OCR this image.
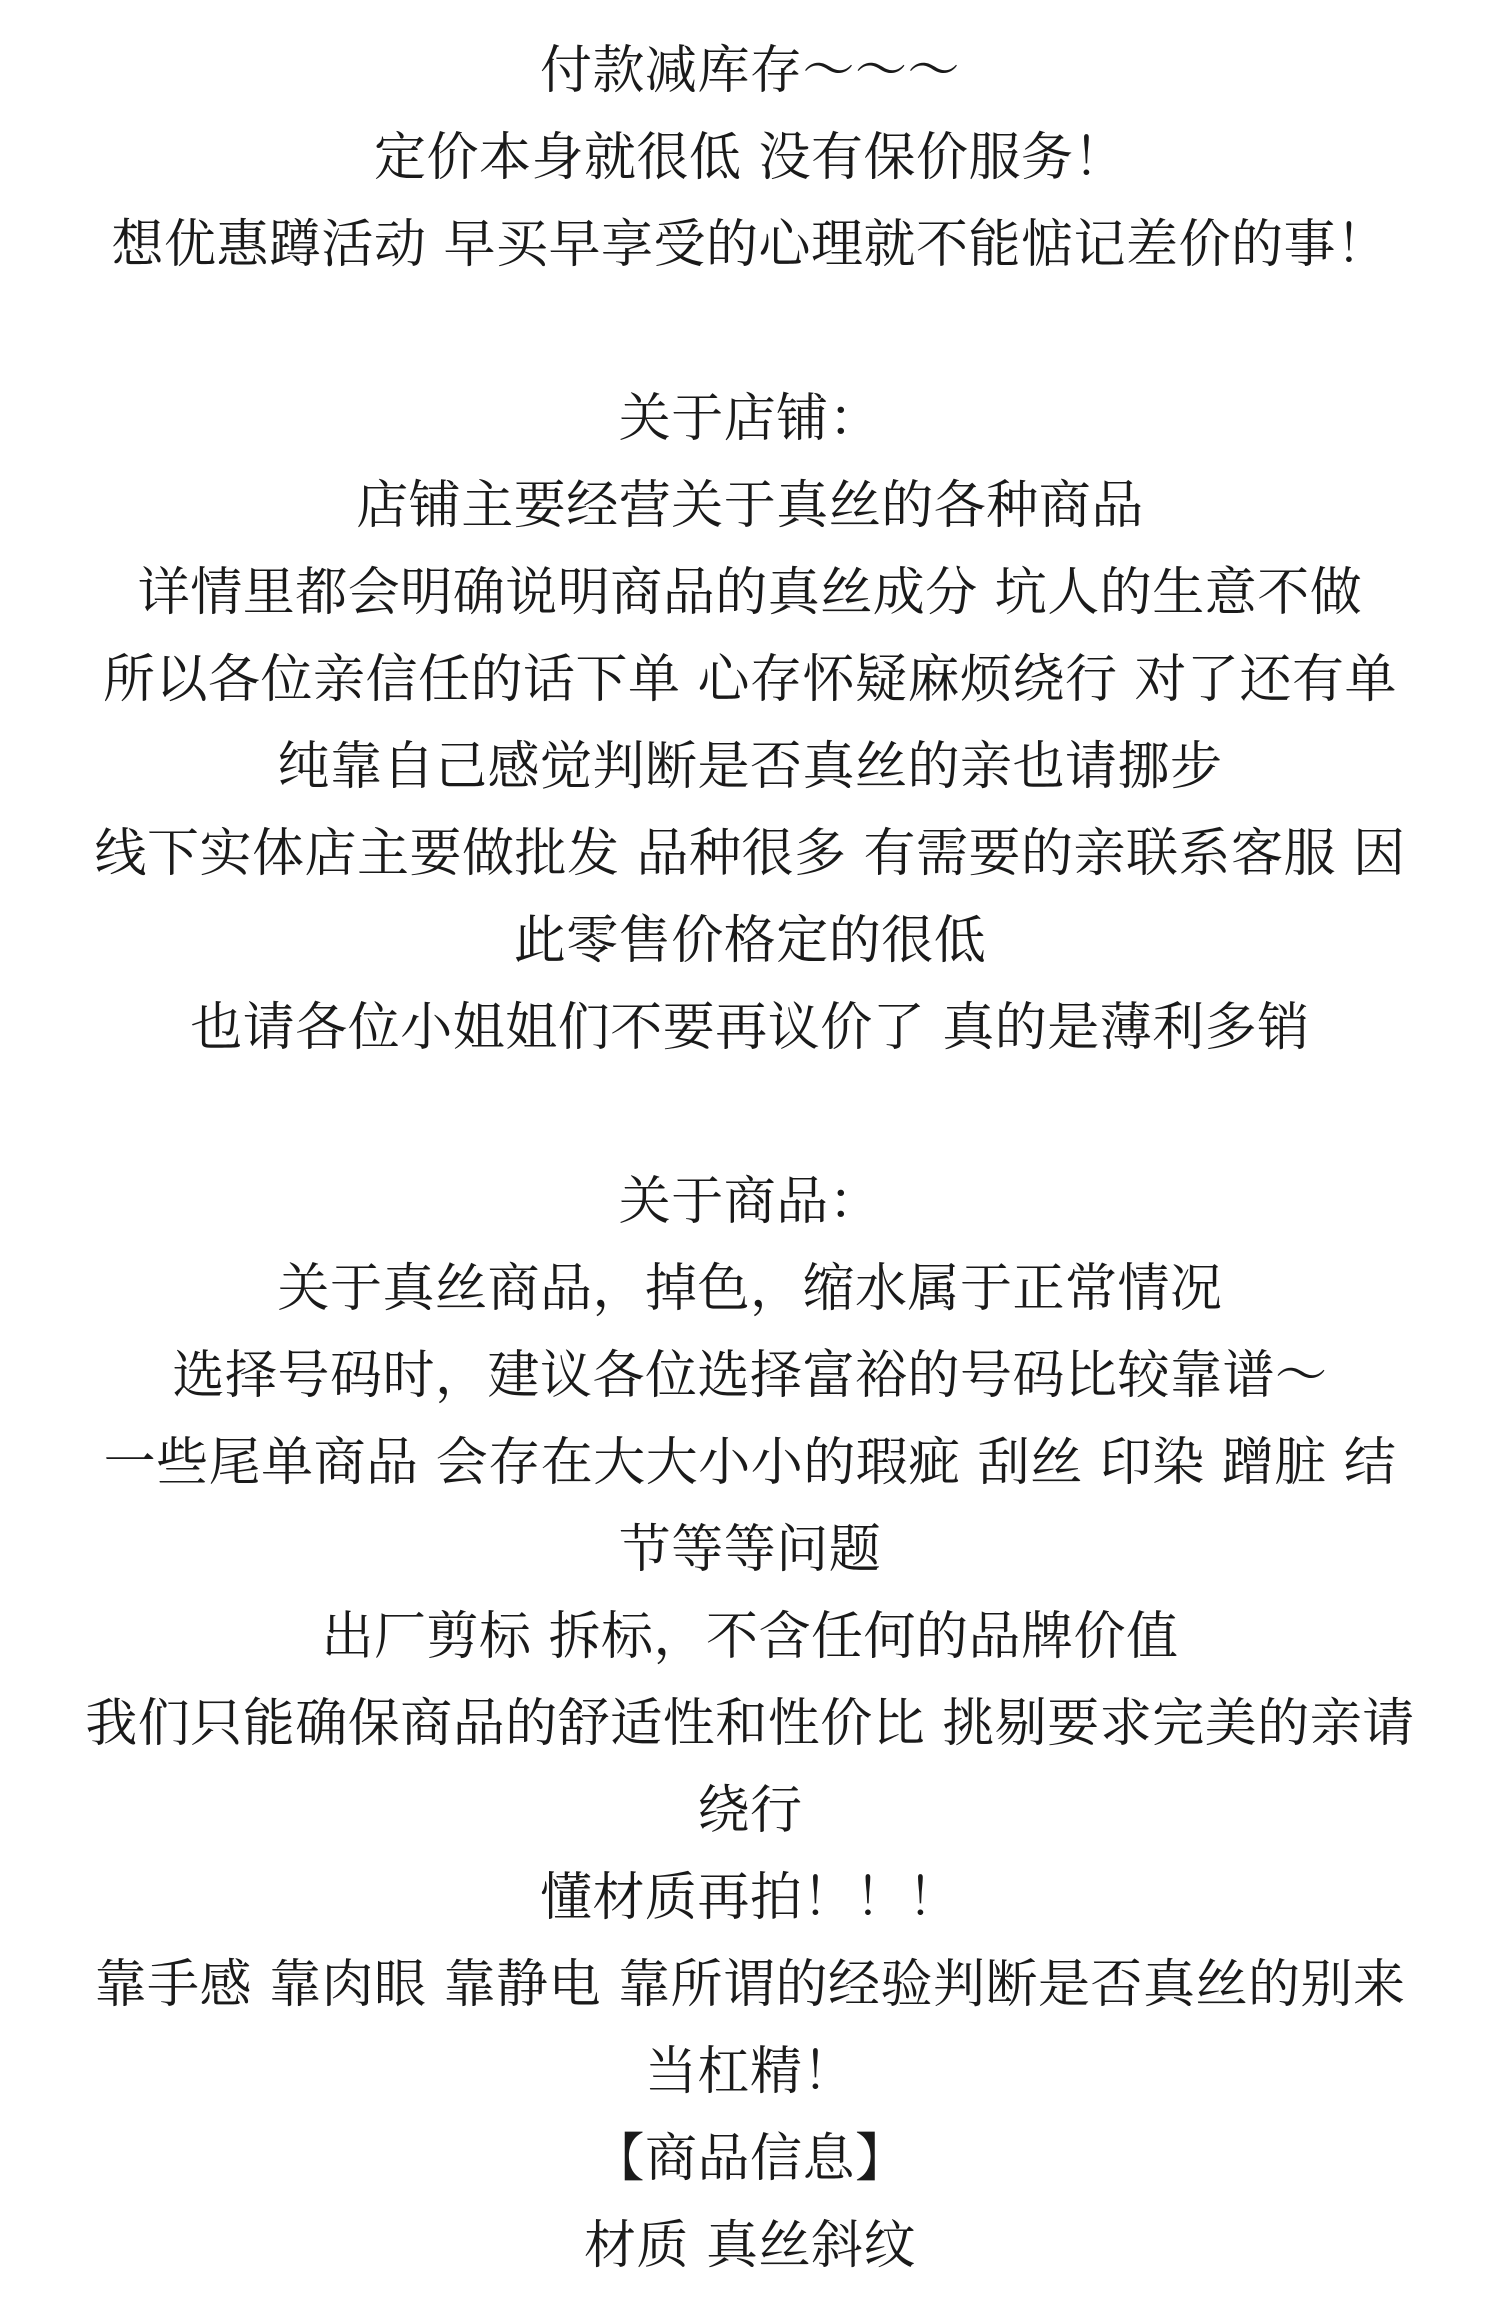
付款减库存～～～
定价本身就很低 没有保价服务！
想优惠蹲活动 早买早享受的心理就不能惦记差价的事！
关于店铺：
店铺主要经营关于真丝的各种商品
详情里都会明确说明商品的真丝成分 坑人的生意不做
所以各位亲信任的话下单 心存怀疑麻烦绕行 对了还有单
纯靠自己感觉判断是否真丝的亲也请挪步
线下实体店主要做批发 品种很多 有需要的亲联系客服 因
此零售价格定的很低
也请各位小姐姐们不要再议价了 真的是薄利多销
关于商品：
关于真丝商品，掉色，缩水属于正常情况
选择号码时，建议各位选择富裕的号码比较靠谱～
一些尾单商品 会存在大大小小的瑕疵 刮丝 印染 蹭脏 结
节等等问题
出厂剪标 拆标，不含任何的品牌价值
我们只能确保商品的舒适性和性价比 挑剔要求完美的亲请
绕行
懂材质再拍！！！
靠手感 靠肉眼 靠静电 靠所谓的经验判断是否真丝的别来
当杠精！
【商品信息】
材质 真丝斜纹
